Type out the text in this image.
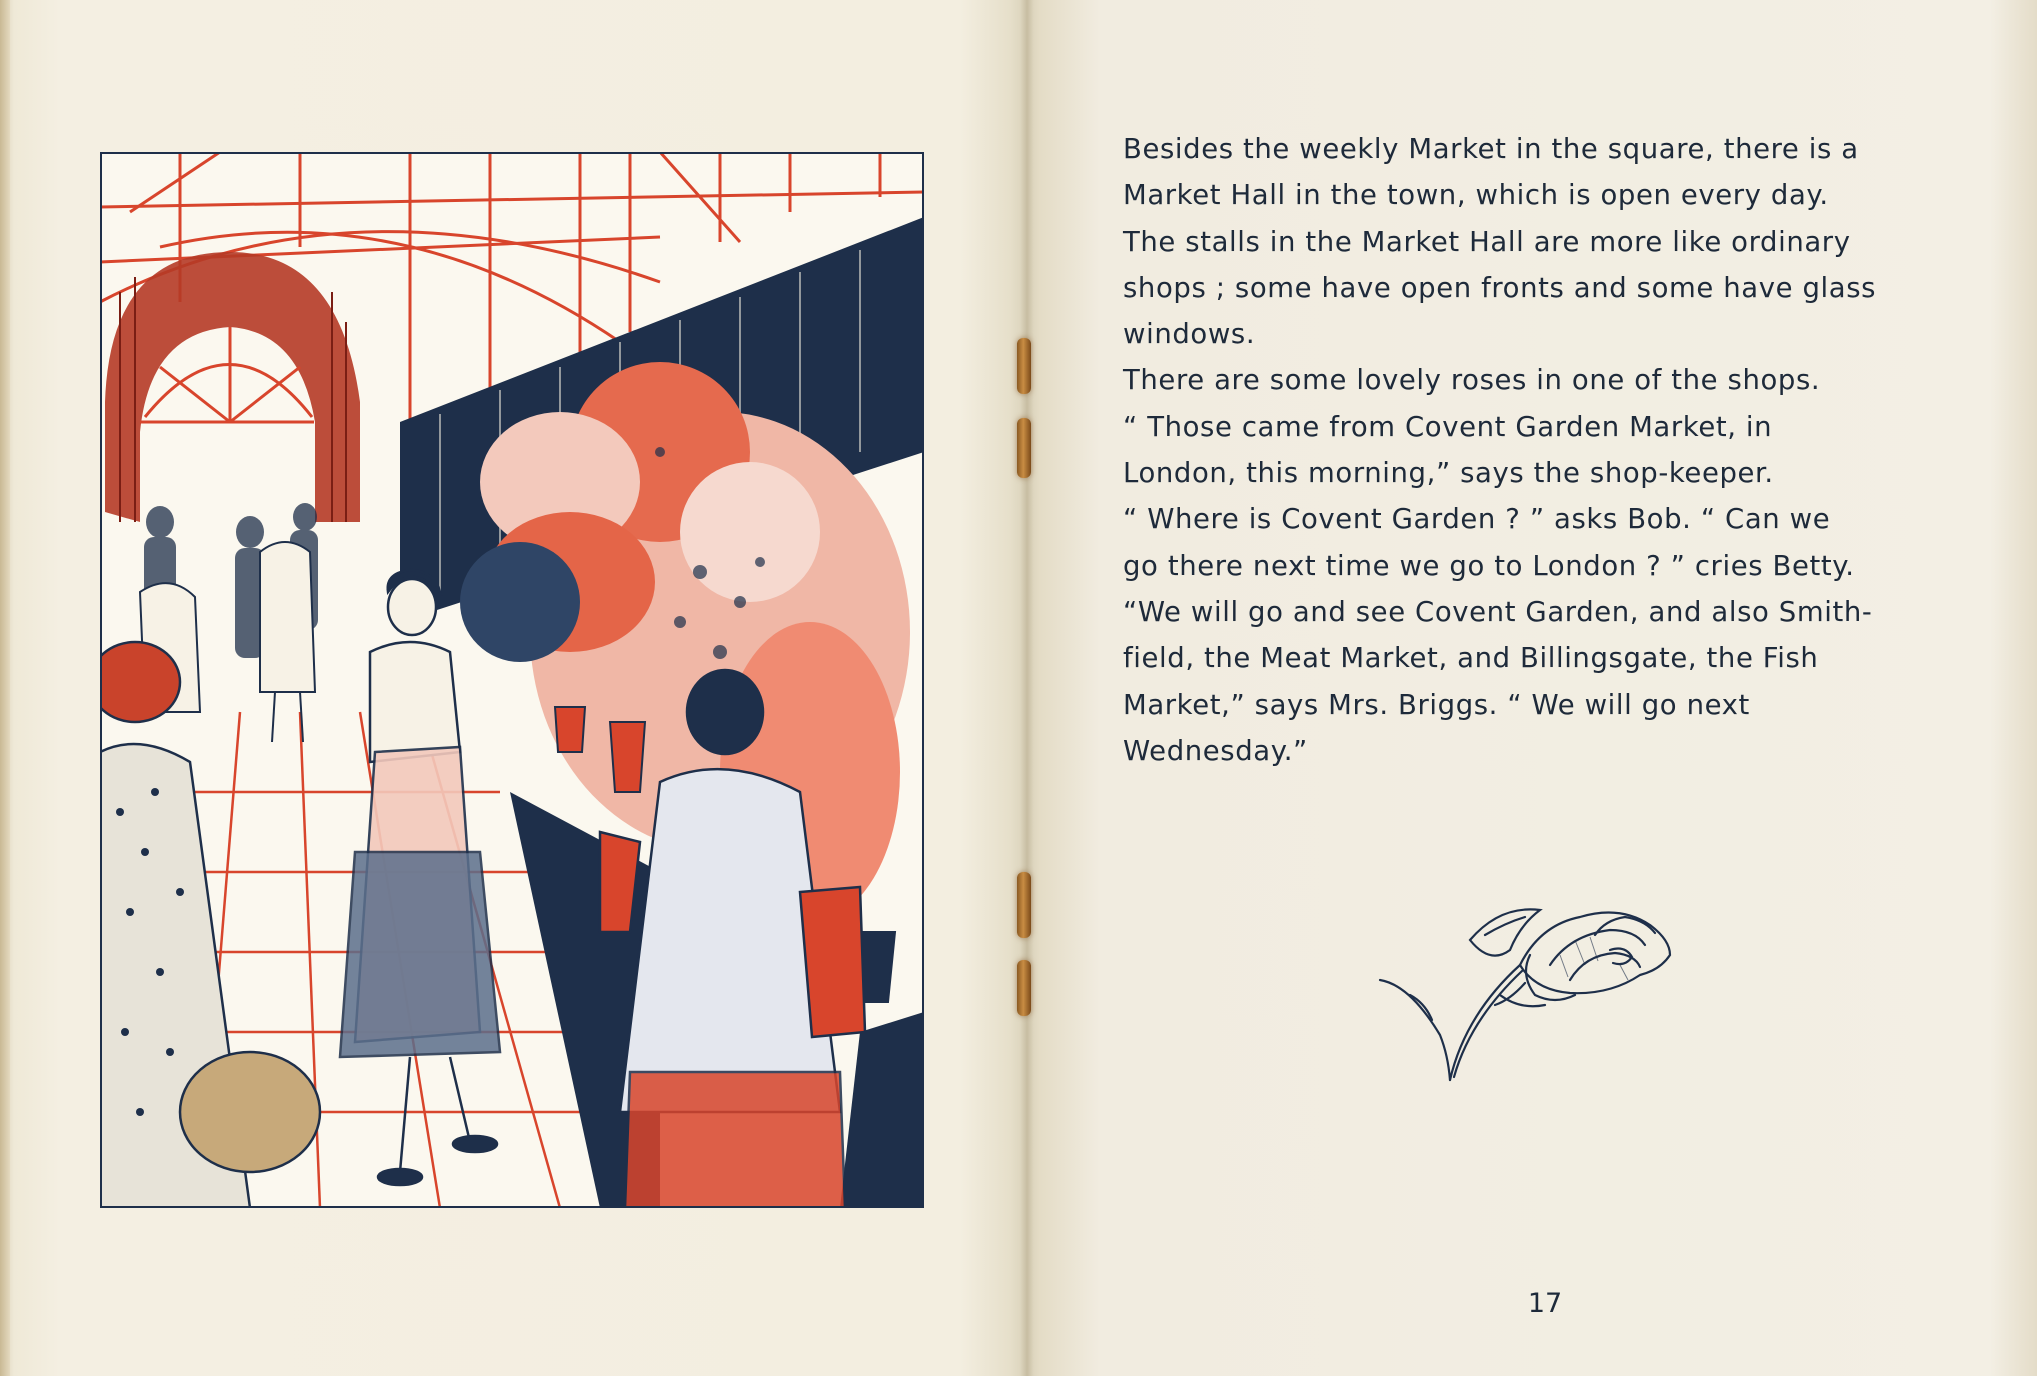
Besides the weekly Market in the square, there is a

Market Hall in the town, which is open every day.

The stalls in the Market Hall are more like ordinary

shops ; some have open fronts and some have glass

windows.

There are some lovely roses in one of the shops.

“ Those came from Covent Garden Market, in

London, this morning,” says the shop-keeper.

“ Where is Covent Garden ? ” asks Bob. “ Can we

go there next time we go to London ? ” cries Betty.

“We will go and see Covent Garden, and also Smith-

field, the Meat Market, and Billingsgate, the Fish

Market,” says Mrs. Briggs. “ We will go next

Wednesday.”

17
